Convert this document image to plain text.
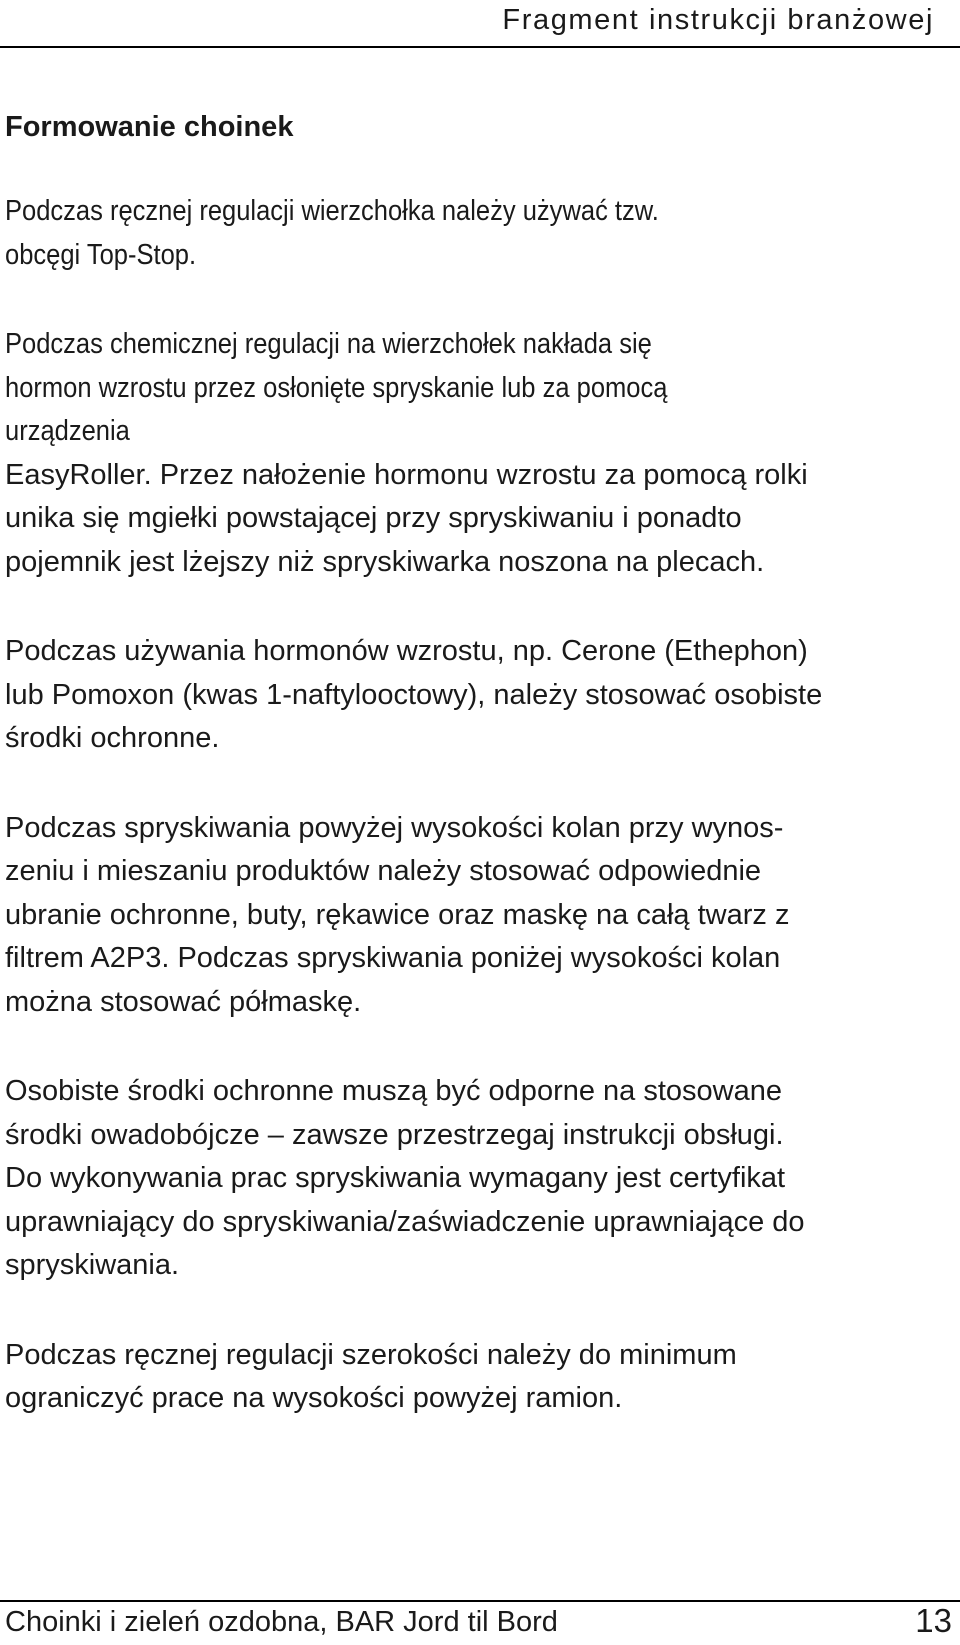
Fragment instrukcji branżowej
Formowanie choinek
Podczas ręcznej regulacji wierzchołka należy używać tzw.
obcęgi Top-Stop.
Podczas chemicznej regulacji na wierzchołek nakłada się
hormon wzrostu przez osłonięte spryskanie lub za pomocą
urządzenia
EasyRoller. Przez nałożenie hormonu wzrostu za pomocą rolki
unika się mgiełki powstającej przy spryskiwaniu i ponadto
pojemnik jest lżejszy niż spryskiwarka noszona na plecach.
Podczas używania hormonów wzrostu, np. Cerone (Ethephon)
lub Pomoxon (kwas 1-naftylooctowy), należy stosować osobiste
środki ochronne.
Podczas spryskiwania powyżej wysokości kolan przy wynos-
zeniu i mieszaniu produktów należy stosować odpowiednie
ubranie ochronne, buty, rękawice oraz maskę na całą twarz z
filtrem A2P3. Podczas spryskiwania poniżej wysokości kolan
można stosować półmaskę.
Osobiste środki ochronne muszą być odporne na stosowane
środki owadobójcze – zawsze przestrzegaj instrukcji obsługi.
Do wykonywania prac spryskiwania wymagany jest certyfikat
uprawniający do spryskiwania/zaświadczenie uprawniające do
spryskiwania.
Podczas ręcznej regulacji szerokości należy do minimum
ograniczyć prace na wysokości powyżej ramion.
Choinki i zieleń ozdobna, BAR Jord til Bord	13
